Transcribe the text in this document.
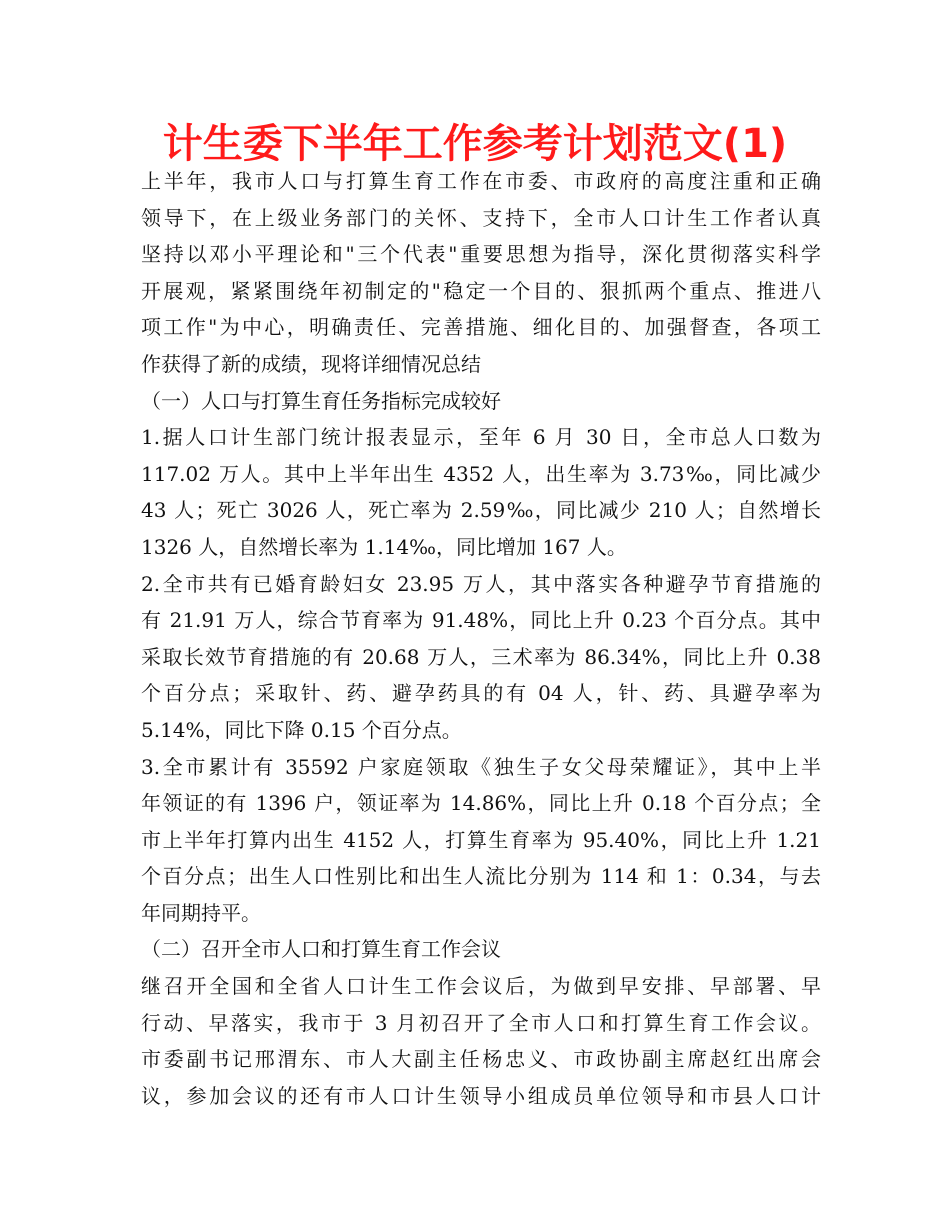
计生委下半年工作参考计划范文(1)
上半年，我市人口与打算生育工作在市委、市政府的高度注重和正确
领导下，在上级业务部门的关怀、支持下，全市人口计生工作者认真
坚持以邓小平理论和"三个代表"重要思想为指导，深化贯彻落实科学
开展观，紧紧围绕年初制定的"稳定一个目的、狠抓两个重点、推进八
项工作"为中心，明确责任、完善措施、细化目的、加强督查，各项工
作获得了新的成绩，现将详细情况总结
（一）人口与打算生育任务指标完成较好
1.据人口计生部门统计报表显示，至年 6 月 30 日，全市总人口数为
117.02 万人。其中上半年出生 4352 人，出生率为 3.73‰，同比减少
43 人；死亡 3026 人，死亡率为 2.59‰，同比减少 210 人；自然增长
1326 人，自然增长率为 1.14‰，同比增加 167 人。
2.全市共有已婚育龄妇女 23.95 万人，其中落实各种避孕节育措施的
有 21.91 万人，综合节育率为 91.48%，同比上升 0.23 个百分点。其中
采取长效节育措施的有 20.68 万人，三术率为 86.34%，同比上升 0.38
个百分点；采取针、药、避孕药具的有 04 人，针、药、具避孕率为
5.14%，同比下降 0.15 个百分点。
3.全市累计有 35592 户家庭领取《独生子女父母荣耀证》，其中上半
年领证的有 1396 户，领证率为 14.86%，同比上升 0.18 个百分点；全
市上半年打算内出生 4152 人，打算生育率为 95.40%，同比上升 1.21
个百分点；出生人口性别比和出生人流比分别为 114 和 1：0.34，与去
年同期持平。
（二）召开全市人口和打算生育工作会议
继召开全国和全省人口计生工作会议后，为做到早安排、早部署、早
行动、早落实，我市于 3 月初召开了全市人口和打算生育工作会议。
市委副书记邢渭东、市人大副主任杨忠义、市政协副主席赵红出席会
议，参加会议的还有市人口计生领导小组成员单位领导和市县人口计
